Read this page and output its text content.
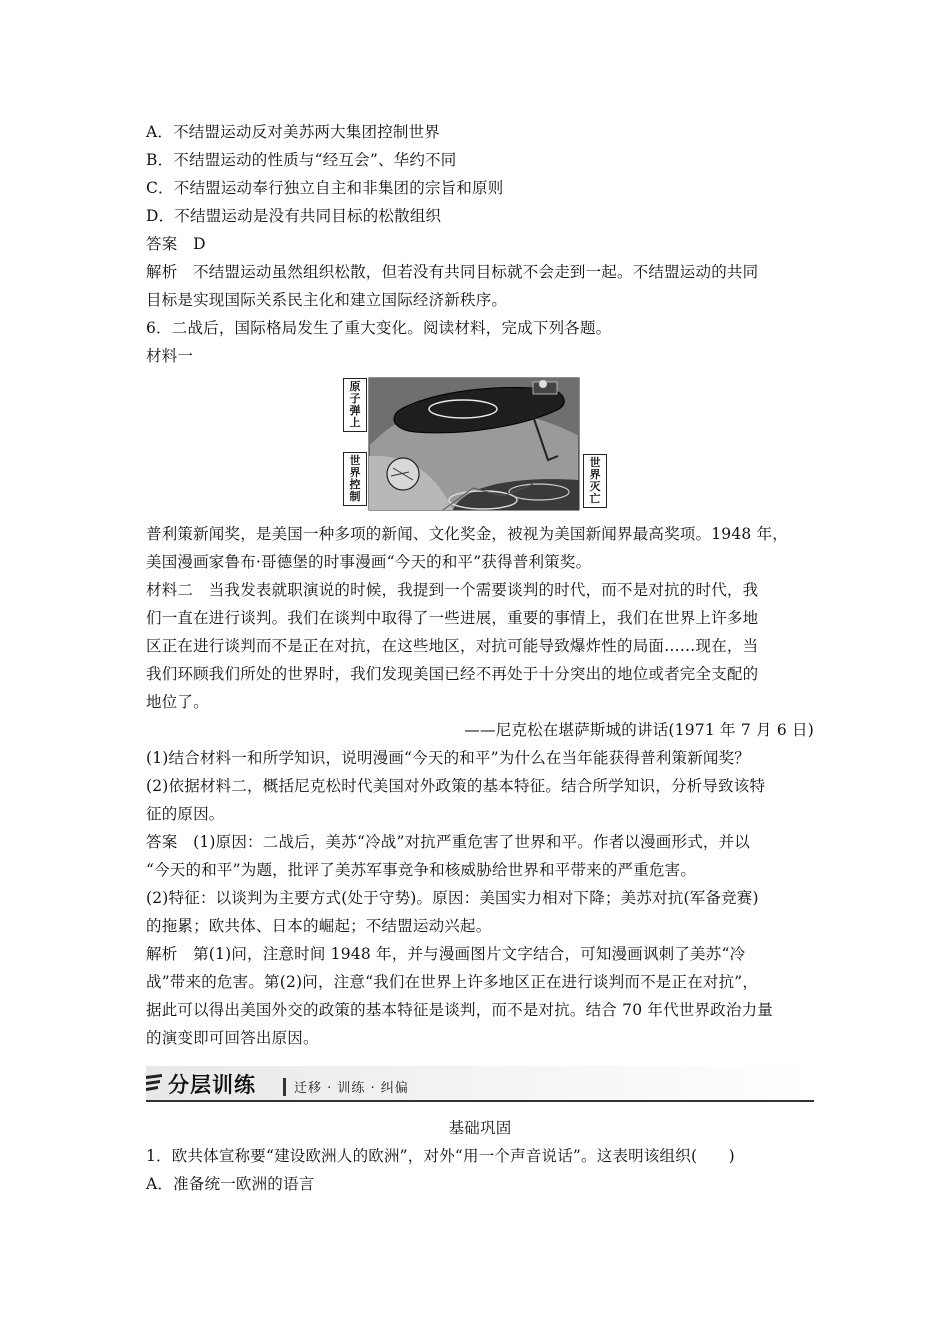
A．不结盟运动反对美苏两大集团控制世界
B．不结盟运动的性质与“经互会”、华约不同
C．不结盟运动奉行独立自主和非集团的宗旨和原则
D．不结盟运动是没有共同目标的松散组织
答案　D
解析　不结盟运动虽然组织松散，但若没有共同目标就不会走到一起。不结盟运动的共同
目标是实现国际关系民主化和建立国际经济新秩序。
6．二战后，国际格局发生了重大变化。阅读材料，完成下列各题。
材料一
原
子
弹
上
世
界
控
制
世
界
灭
亡
普利策新闻奖，是美国一种多项的新闻、文化奖金，被视为美国新闻界最高奖项。1948 年，
美国漫画家鲁布·哥德堡的时事漫画“今天的和平”获得普利策奖。
材料二　当我发表就职演说的时候，我提到一个需要谈判的时代，而不是对抗的时代，我
们一直在进行谈判。我们在谈判中取得了一些进展，重要的事情上，我们在世界上许多地
区正在进行谈判而不是正在对抗，在这些地区，对抗可能导致爆炸性的局面……现在，当
我们环顾我们所处的世界时，我们发现美国已经不再处于十分突出的地位或者完全支配的
地位了。
——尼克松在堪萨斯城的讲话(1971 年 7 月 6 日)
(1)结合材料一和所学知识，说明漫画“今天的和平”为什么在当年能获得普利策新闻奖？
(2)依据材料二，概括尼克松时代美国对外政策的基本特征。结合所学知识，分析导致该特
征的原因。
答案　(1)原因：二战后，美苏“冷战”对抗严重危害了世界和平。作者以漫画形式，并以
“今天的和平”为题，批评了美苏军事竞争和核威胁给世界和平带来的严重危害。
(2)特征：以谈判为主要方式(处于守势)。原因：美国实力相对下降；美苏对抗(军备竞赛)
的拖累；欧共体、日本的崛起；不结盟运动兴起。
解析　第(1)问，注意时间 1948 年，并与漫画图片文字结合，可知漫画讽刺了美苏“冷
战”带来的危害。第(2)问，注意“我们在世界上许多地区正在进行谈判而不是正在对抗”，
据此可以得出美国外交的政策的基本特征是谈判，而不是对抗。结合 70 年代世界政治力量
的演变即可回答出原因。
分层训练	迁移 · 训练 · 纠偏
基础巩固
1．欧共体宣称要“建设欧洲人的欧洲”，对外“用一个声音说话”。这表明该组织(　　)
A．准备统一欧洲的语言
